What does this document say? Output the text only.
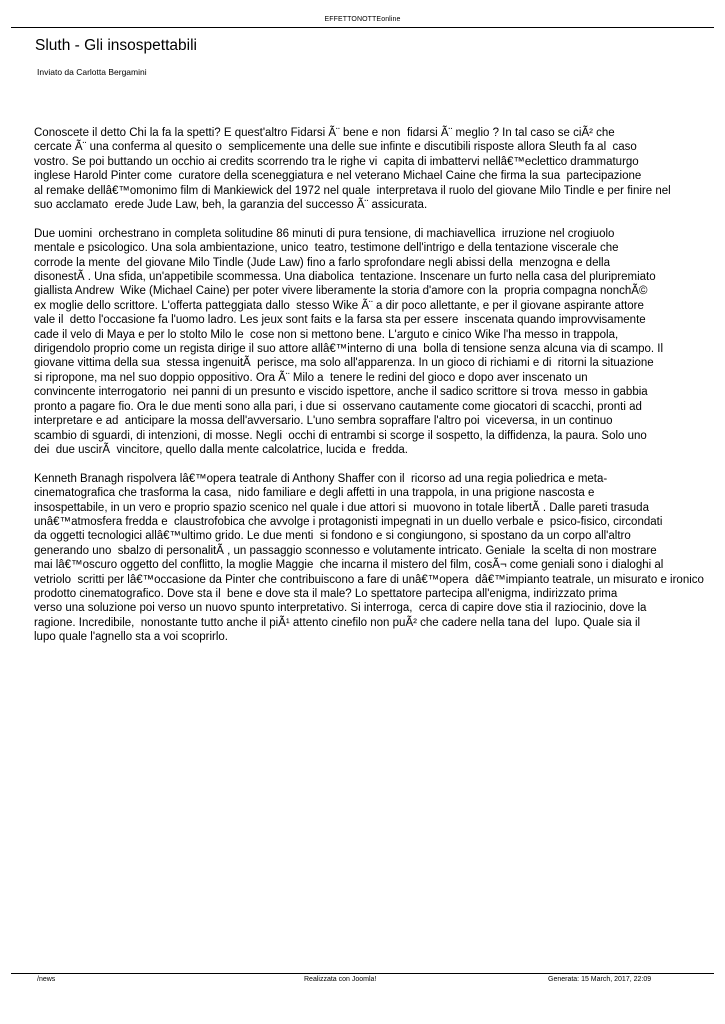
EFFETTONOTTEonline
Sluth - Gli insospettabili
Inviato da Carlotta Bergamini

Conoscete il detto Chi la fa la spetti? E quest'altro Fidarsi Ã¨ bene e non  fidarsi Ã¨ meglio ? In tal caso se ciÃ² che
cercate Ã¨ una conferma al quesito o  semplicemente una delle sue infinte e discutibili risposte allora Sleuth fa al  caso
vostro. Se poi buttando un occhio ai credits scorrendo tra le righe vi  capita di imbattervi nellâ€™eclettico drammaturgo
inglese Harold Pinter come  curatore della sceneggiatura e nel veterano Michael Caine che firma la sua  partecipazione
al remake dellâ€™omonimo film di Mankiewick del 1972 nel quale  interpretava il ruolo del giovane Milo Tindle e per finire nel
suo acclamato  erede Jude Law, beh, la garanzia del successo Ã¨ assicurata.

Due uomini  orchestrano in completa solitudine 86 minuti di pura tensione, di machiavellica  irruzione nel crogiuolo
mentale e psicologico. Una sola ambientazione, unico  teatro, testimone dell'intrigo e della tentazione viscerale che
corrode la mente  del giovane Milo Tindle (Jude Law) fino a farlo sprofondare negli abissi della  menzogna e della
disonestÃ . Una sfida, un'appetibile scommessa. Una diabolica  tentazione. Inscenare un furto nella casa del pluripremiato
giallista Andrew  Wike (Michael Caine) per poter vivere liberamente la storia d'amore con la  propria compagna nonchÃ©
ex moglie dello scrittore. L'offerta patteggiata dallo  stesso Wike Ã¨ a dir poco allettante, e per il giovane aspirante attore
vale il  detto l'occasione fa l'uomo ladro. Les jeux sont faits e la farsa sta per essere  inscenata quando improvvisamente
cade il velo di Maya e per lo stolto Milo le  cose non si mettono bene. L'arguto e cinico Wike l'ha messo in trappola,
dirigendolo proprio come un regista dirige il suo attore allâ€™interno di una  bolla di tensione senza alcuna via di scampo. Il
giovane vittima della sua  stessa ingenuitÃ  perisce, ma solo all'apparenza. In un gioco di richiami e di  ritorni la situazione
si ripropone, ma nel suo doppio oppositivo. Ora Ã¨ Milo a  tenere le redini del gioco e dopo aver inscenato un
convincente interrogatorio  nei panni di un presunto e viscido ispettore, anche il sadico scrittore si trova  messo in gabbia
pronto a pagare fio. Ora le due menti sono alla pari, i due si  osservano cautamente come giocatori di scacchi, pronti ad
interpretare e ad  anticipare la mossa dell'avversario. L'uno sembra sopraffare l'altro poi  viceversa, in un continuo
scambio di sguardi, di intenzioni, di mosse. Negli  occhi di entrambi si scorge il sospetto, la diffidenza, la paura. Solo uno
dei  due uscirÃ  vincitore, quello dalla mente calcolatrice, lucida e  fredda.

Kenneth Branagh rispolvera lâ€™opera teatrale di Anthony Shaffer con il  ricorso ad una regia poliedrica e meta-
cinematografica che trasforma la casa,  nido familiare e degli affetti in una trappola, in una prigione nascosta e
insospettabile, in un vero e proprio spazio scenico nel quale i due attori si  muovono in totale libertÃ . Dalle pareti trasuda
unâ€™atmosfera fredda e  claustrofobica che avvolge i protagonisti impegnati in un duello verbale e  psico-fisico, circondati
da oggetti tecnologici allâ€™ultimo grido. Le due menti  si fondono e si congiungono, si spostano da un corpo all'altro
generando uno  sbalzo di personalitÃ , un passaggio sconnesso e volutamente intricato. Geniale  la scelta di non mostrare
mai lâ€™oscuro oggetto del conflitto, la moglie Maggie  che incarna il mistero del film, cosÃ¬ come geniali sono i dialoghi al
vetriolo  scritti per lâ€™occasione da Pinter che contribuiscono a fare di unâ€™opera  dâ€™impianto teatrale, un misurato e ironico
prodotto cinematografico. Dove sta il  bene e dove sta il male? Lo spettatore partecipa all'enigma, indirizzato prima
verso una soluzione poi verso un nuovo spunto interpretativo. Si interroga,  cerca di capire dove stia il raziocinio, dove la
ragione. Incredibile,  nonostante tutto anche il piÃ¹ attento cinefilo non puÃ² che cadere nella tana del  lupo. Quale sia il
lupo quale l'agnello sta a voi scoprirlo.

/news	Realizzata con Joomla!	Generata: 15 March, 2017, 22:09
